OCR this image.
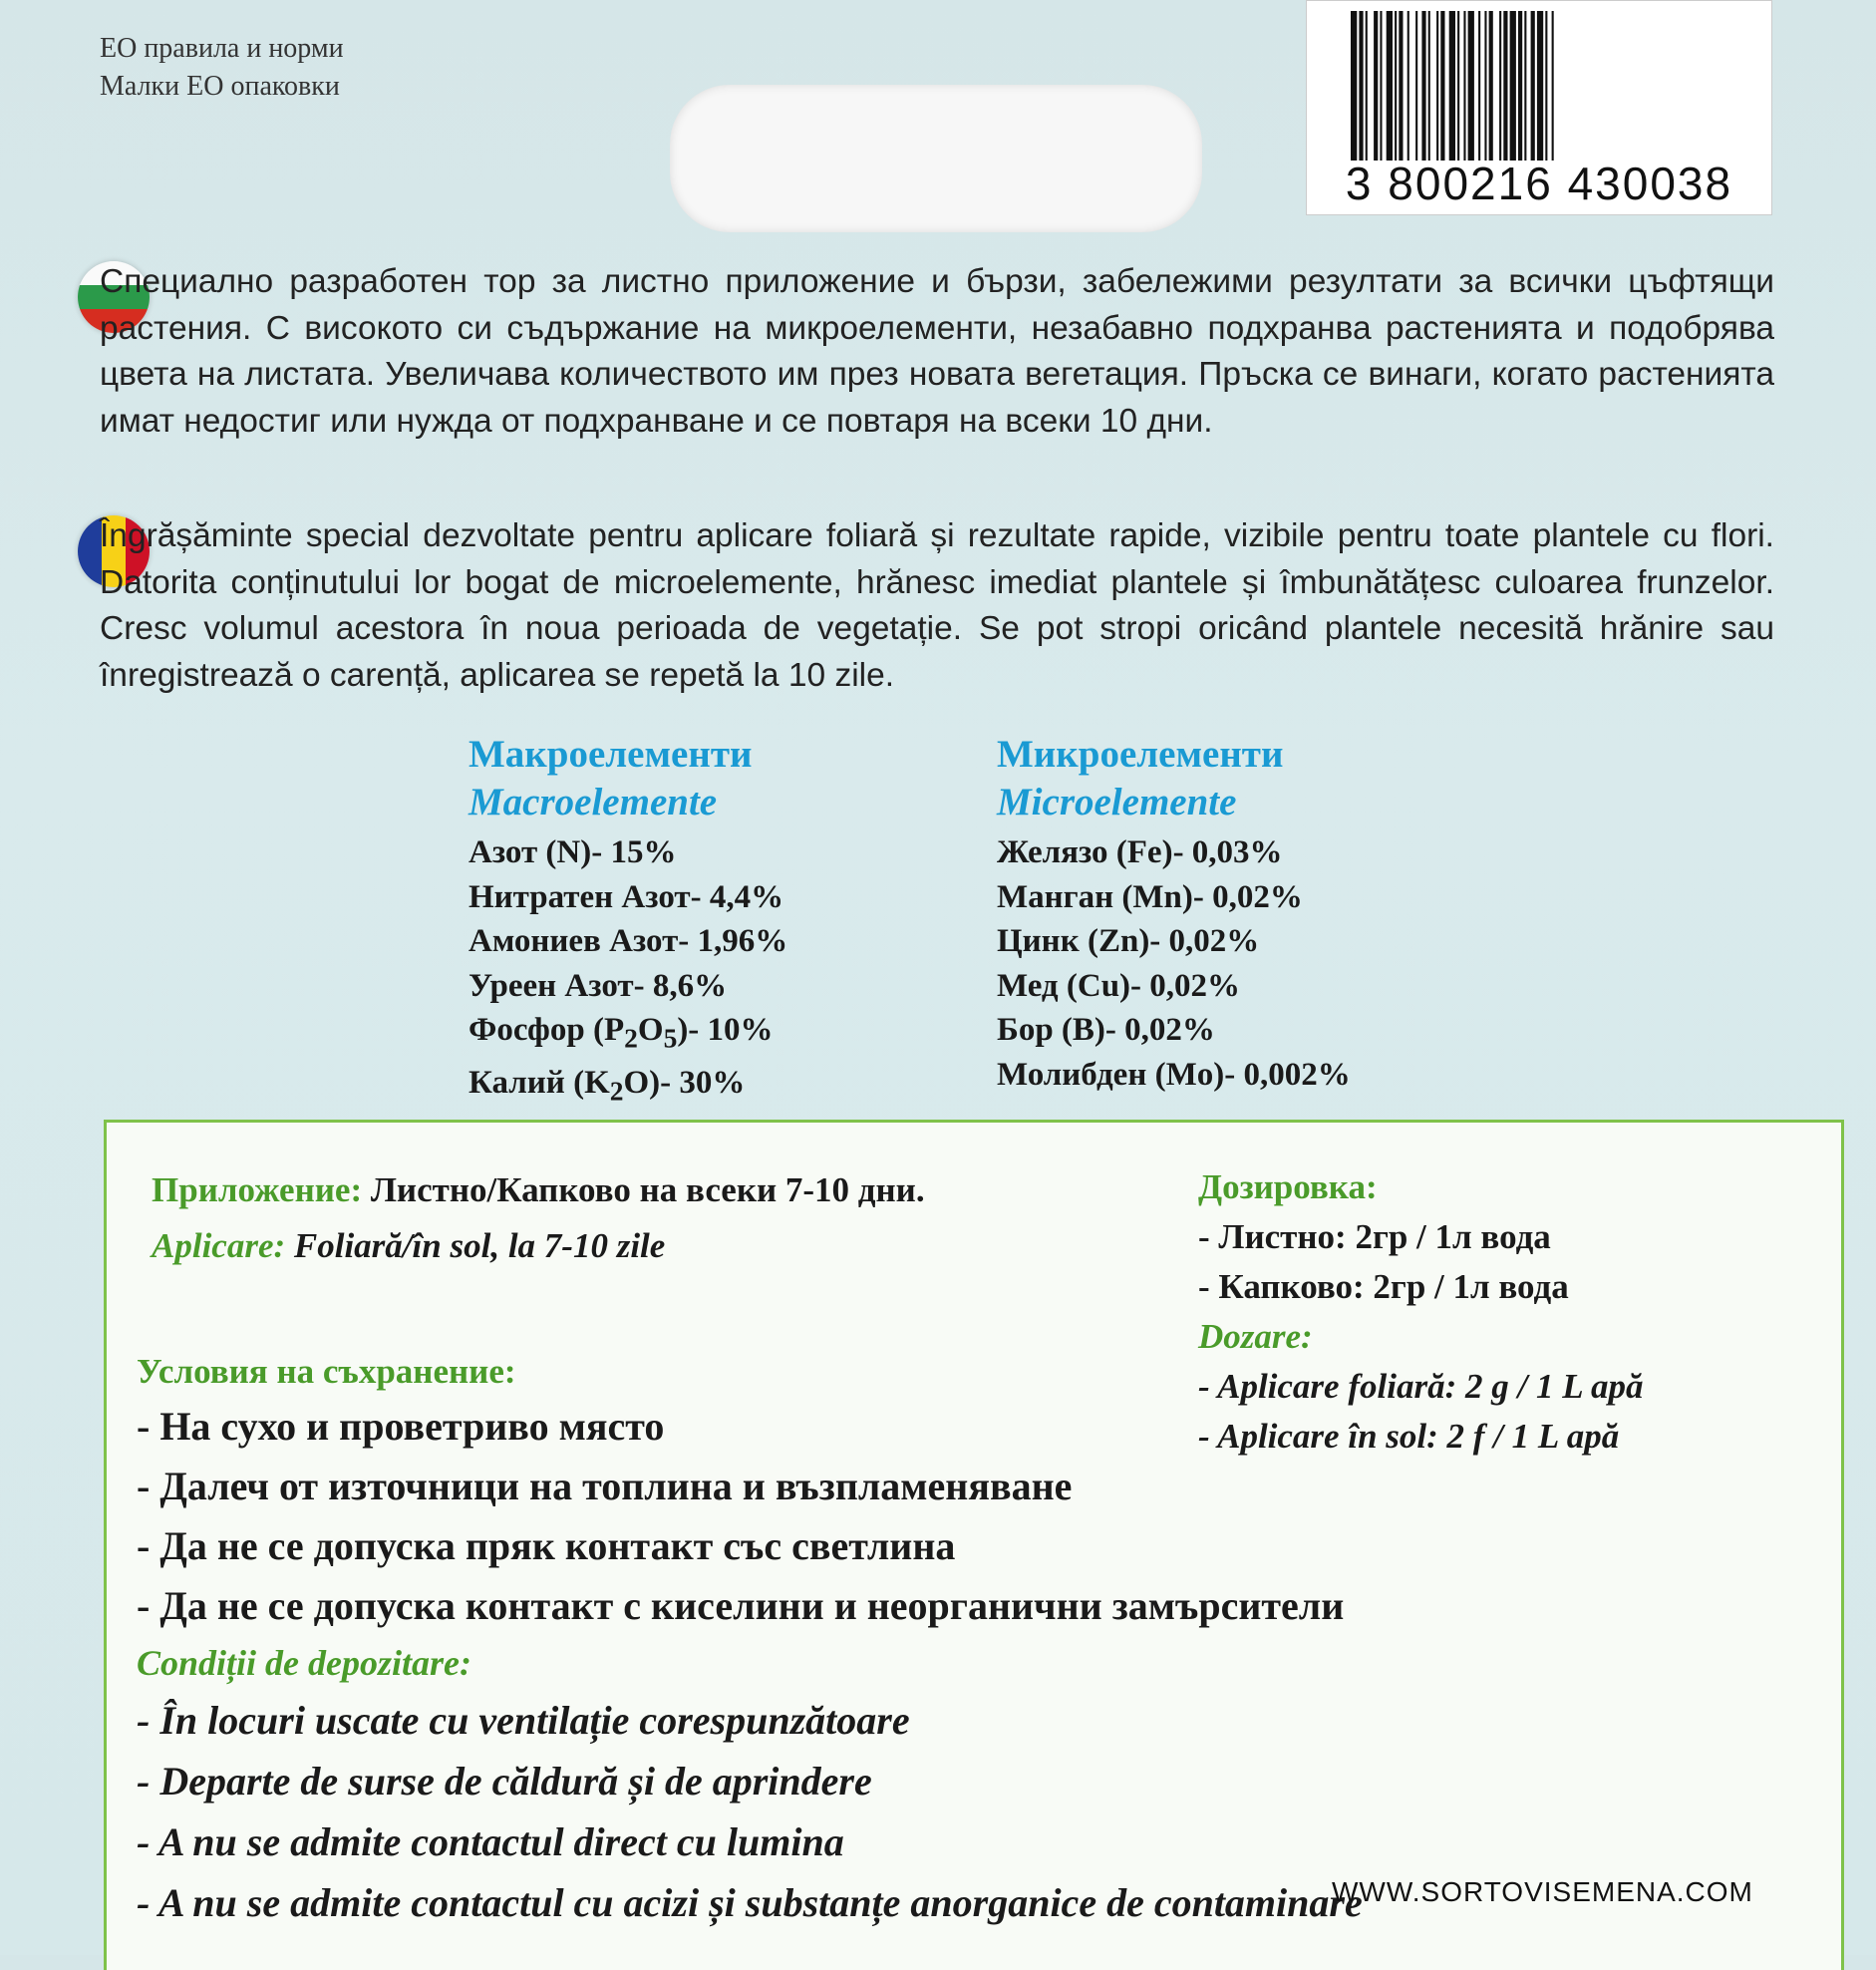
ЕО правила и норми
Малки ЕО опаковки
3 800216 430038
Специално разработен тор за листно приложение и бързи, забележими резултати за всички цъфтящи растения. С високото си съдържание на микроелементи, незабавно подхранва растенията и подобрява цвета на листата. Увеличава количеството им през новата вегетация. Пръска се винаги, когато растенията имат недостиг или нужда от подхранване и се повтаря на всеки 10 дни.
Îngrășăminte special dezvoltate pentru aplicare foliară și rezultate rapide, vizibile pentru toate plantele cu flori. Datorita conținutului lor bogat de microelemente, hrănesc imediat plantele și îmbunătățesc culoarea frunzelor. Cresc volumul acestora în noua perioada de vegetație. Se pot stropi oricând plantele necesită hrănire sau înregistrează o carență, aplicarea se repetă la 10 zile.
Макроелементи
Macroelemente
Азот (N)- 15%
Нитратен Азот- 4,4%
Амониев Азот- 1,96%
Уреен Азот- 8,6%
Фосфор $(P_2O_5)-$ 10%
Калий $(K_2O)-$ 30%
Микроелементи
Microelemente
Желязо (Fe)- 0,03%
Манган (Mn)- 0,02%
Цинк (Zn)- 0,02%
Мед (Cu)- 0,02%
Бор (B)- 0,02%
Молибден (Mo)- 0,002%
Приложение: Листно/Капково на всеки 7-10 дни.
Aplicare: Foliară/în sol, la 7-10 zile
Дозировка:
- Листно: 2гр / 1л вода
- Капково: 2гр / 1л вода
Dozare:
- Aplicare foliară: 2 g / 1 L apă
- Aplicare în sol: 2 f / 1 L apă
Условия на съхранение:
- На сухо и проветриво място
- Далеч от източници на топлина и възпламеняване
- Да не се допуска пряк контакт със светлина
- Да не се допуска контакт с киселини и неорганични замърсители
Condiții de depozitare:
- În locuri uscate cu ventilație corespunzătoare
- Departe de surse de căldură și de aprindere
- A nu se admite contactul direct cu lumina
- A nu se admite contactul cu acizi și substanțe anorganice de contaminare
WWW.SORTOVISEMENA.COM
